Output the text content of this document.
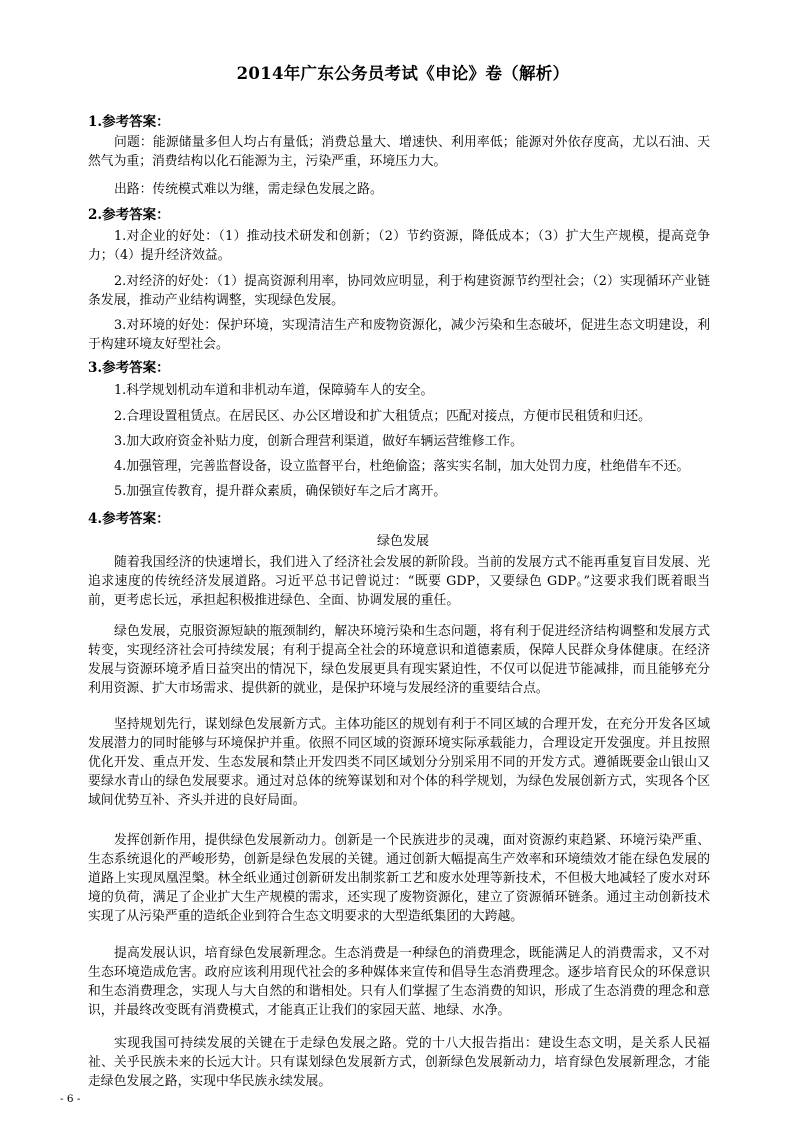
2014年广东公务员考试《申论》卷（解析）
1.参考答案：
问题：能源储量多但人均占有量低；消费总量大、增速快、利用率低；能源对外依存度高，尤以石油、天然气为重；消费结构以化石能源为主，污染严重，环境压力大。
出路：传统模式难以为继，需走绿色发展之路。
2.参考答案：
1.对企业的好处：（1）推动技术研发和创新；（2）节约资源，降低成本；（3）扩大生产规模，提高竞争力；（4）提升经济效益。
2.对经济的好处：（1）提高资源利用率，协同效应明显，利于构建资源节约型社会；（2）实现循环产业链条发展，推动产业结构调整，实现绿色发展。
3.对环境的好处：保护环境，实现清洁生产和废物资源化，减少污染和生态破坏，促进生态文明建设，利于构建环境友好型社会。
3.参考答案：
1.科学规划机动车道和非机动车道，保障骑车人的安全。
2.合理设置租赁点。在居民区、办公区增设和扩大租赁点；匹配对接点，方便市民租赁和归还。
3.加大政府资金补贴力度，创新合理营利渠道，做好车辆运营维修工作。
4.加强管理，完善监督设备，设立监督平台，杜绝偷盗；落实实名制，加大处罚力度，杜绝借车不还。
5.加强宣传教育，提升群众素质，确保锁好车之后才离开。
4.参考答案：
绿色发展
随着我国经济的快速增长，我们进入了经济社会发展的新阶段。当前的发展方式不能再重复盲目发展、光追求速度的传统经济发展道路。习近平总书记曾说过：“既要 GDP，又要绿色 GDP。”这要求我们既着眼当前，更考虑长远，承担起积极推进绿色、全面、协调发展的重任。
绿色发展，克服资源短缺的瓶颈制约，解决环境污染和生态问题，将有利于促进经济结构调整和发展方式转变，实现经济社会可持续发展；有利于提高全社会的环境意识和道德素质，保障人民群众身体健康。在经济发展与资源环境矛盾日益突出的情况下，绿色发展更具有现实紧迫性，不仅可以促进节能减排，而且能够充分利用资源、扩大市场需求、提供新的就业，是保护环境与发展经济的重要结合点。
坚持规划先行，谋划绿色发展新方式。主体功能区的规划有利于不同区域的合理开发，在充分开发各区域发展潜力的同时能够与环境保护并重。依照不同区域的资源环境实际承载能力，合理设定开发强度。并且按照优化开发、重点开发、生态发展和禁止开发四类不同区域划分分别采用不同的开发方式。遵循既要金山银山又要绿水青山的绿色发展要求。通过对总体的统筹谋划和对个体的科学规划，为绿色发展创新方式，实现各个区域间优势互补、齐头并进的良好局面。
发挥创新作用，提供绿色发展新动力。创新是一个民族进步的灵魂，面对资源约束趋紧、环境污染严重、生态系统退化的严峻形势，创新是绿色发展的关键。通过创新大幅提高生产效率和环境绩效才能在绿色发展的道路上实现凤凰涅槃。林全纸业通过创新研发出制浆新工艺和废水处理等新技术，不但极大地减轻了废水对环境的负荷，满足了企业扩大生产规模的需求，还实现了废物资源化，建立了资源循环链条。通过主动创新技术实现了从污染严重的造纸企业到符合生态文明要求的大型造纸集团的大跨越。
提高发展认识，培育绿色发展新理念。生态消费是一种绿色的消费理念，既能满足人的消费需求，又不对生态环境造成危害。政府应该利用现代社会的多种媒体来宣传和倡导生态消费理念。逐步培育民众的环保意识和生态消费理念，实现人与大自然的和谐相处。只有人们掌握了生态消费的知识，形成了生态消费的理念和意识，并最终改变既有消费模式，才能真正让我们的家园天蓝、地绿、水净。
实现我国可持续发展的关键在于走绿色发展之路。党的十八大报告指出：建设生态文明，是关系人民福祉、关乎民族未来的长远大计。只有谋划绿色发展新方式，创新绿色发展新动力，培育绿色发展新理念，才能走绿色发展之路，实现中华民族永续发展。
- 6 -
